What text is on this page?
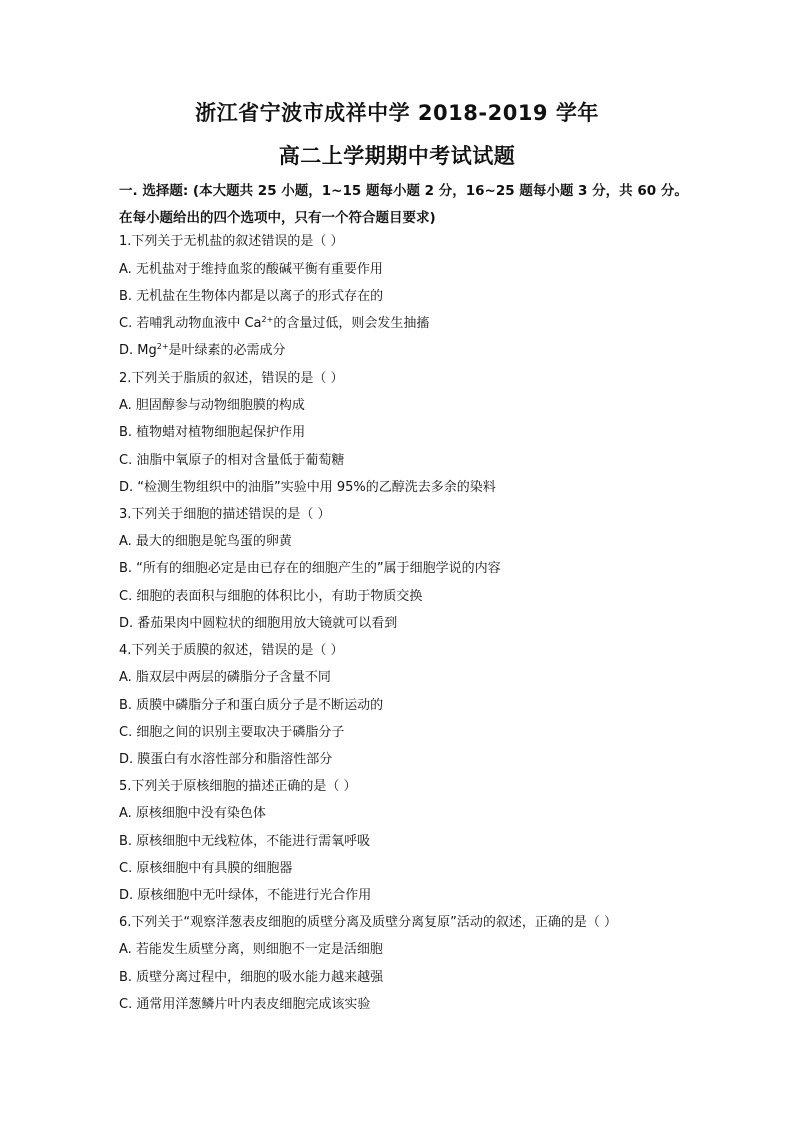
浙江省宁波市成祥中学 2018-2019 学年
高二上学期期中考试试题
一. 选择题: (本大题共 25 小题，1~15 题每小题 2 分，16~25 题每小题 3 分，共 60 分。
在每小题给出的四个选项中，只有一个符合题目要求)
1.下列关于无机盐的叙述错误的是（ ）
A. 无机盐对于维持血浆的酸碱平衡有重要作用
B. 无机盐在生物体内都是以离子的形式存在的
C. 若哺乳动物血液中 $Ca^{2+}$的含量过低，则会发生抽搐
D. $Mg^{2+}$是叶绿素的必需成分
2.下列关于脂质的叙述，错误的是（ ）
A. 胆固醇参与动物细胞膜的构成
B. 植物蜡对植物细胞起保护作用
C. 油脂中氧原子的相对含量低于葡萄糖
D. “检测生物组织中的油脂”实验中用 95%的乙醇洗去多余的染料
3.下列关于细胞的描述错误的是（ ）
A. 最大的细胞是鸵鸟蛋的卵黄
B. “所有的细胞必定是由已存在的细胞产生的”属于细胞学说的内容
C. 细胞的表面积与细胞的体积比小，有助于物质交换
D. 番茄果肉中圆粒状的细胞用放大镜就可以看到
4.下列关于质膜的叙述，错误的是（ ）
A. 脂双层中两层的磷脂分子含量不同
B. 质膜中磷脂分子和蛋白质分子是不断运动的
C. 细胞之间的识别主要取决于磷脂分子
D. 膜蛋白有水溶性部分和脂溶性部分
5.下列关于原核细胞的描述正确的是（ ）
A. 原核细胞中没有染色体
B. 原核细胞中无线粒体，不能进行需氧呼吸
C. 原核细胞中有具膜的细胞器
D. 原核细胞中无叶绿体，不能进行光合作用
6.下列关于“观察洋葱表皮细胞的质壁分离及质壁分离复原”活动的叙述，正确的是（ ）
A. 若能发生质壁分离，则细胞不一定是活细胞
B. 质壁分离过程中，细胞的吸水能力越来越强
C. 通常用洋葱鳞片叶内表皮细胞完成该实验
